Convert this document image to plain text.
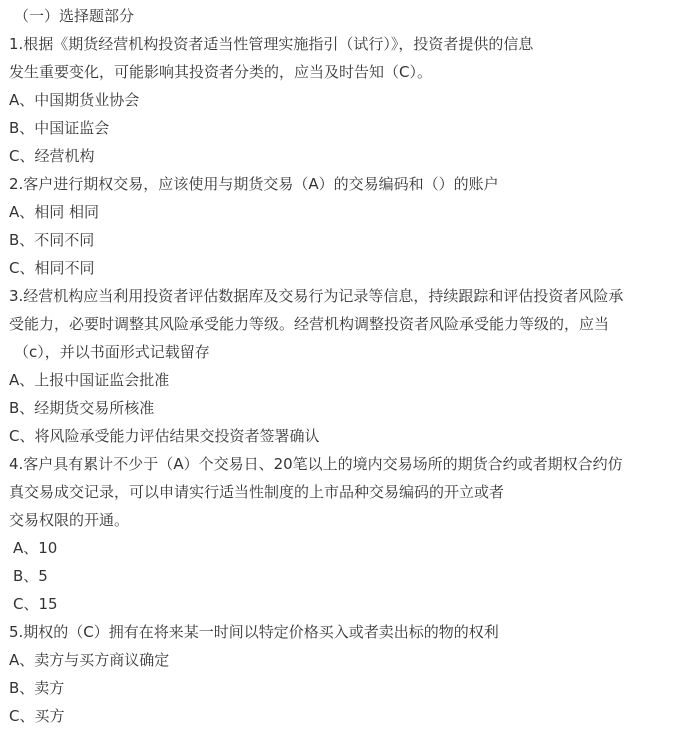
（一）选择题部分
1.根据《期货经营机构投资者适当性管理实施指引（试行）》，投资者提供的信息
发生重要变化，可能影响其投资者分类的，应当及时告知（C）。
A、中国期货业协会
B、中国证监会
C、经营机构
2.客户进行期权交易，应该使用与期货交易（A）的交易编码和（）的账户
A、相同 相同
B、不同不同
C、相同不同
3.经营机构应当利用投资者评估数据库及交易行为记录等信息，持续跟踪和评估投资者风险承
受能力，必要时调整其风险承受能力等级。经营机构调整投资者风险承受能力等级的，应当
（c），并以书面形式记载留存
A、上报中国证监会批准
B、经期货交易所核准
C、将风险承受能力评估结果交投资者签署确认
4.客户具有累计不少于（A）个交易日、20笔以上的境内交易场所的期货合约或者期权合约仿
真交易成交记录，可以申请实行适当性制度的上市品种交易编码的开立或者
交易权限的开通。
A、10
B、5
C、15
5.期权的（C）拥有在将来某一时间以特定价格买入或者卖出标的物的权利
A、卖方与买方商议确定
B、卖方
C、买方
